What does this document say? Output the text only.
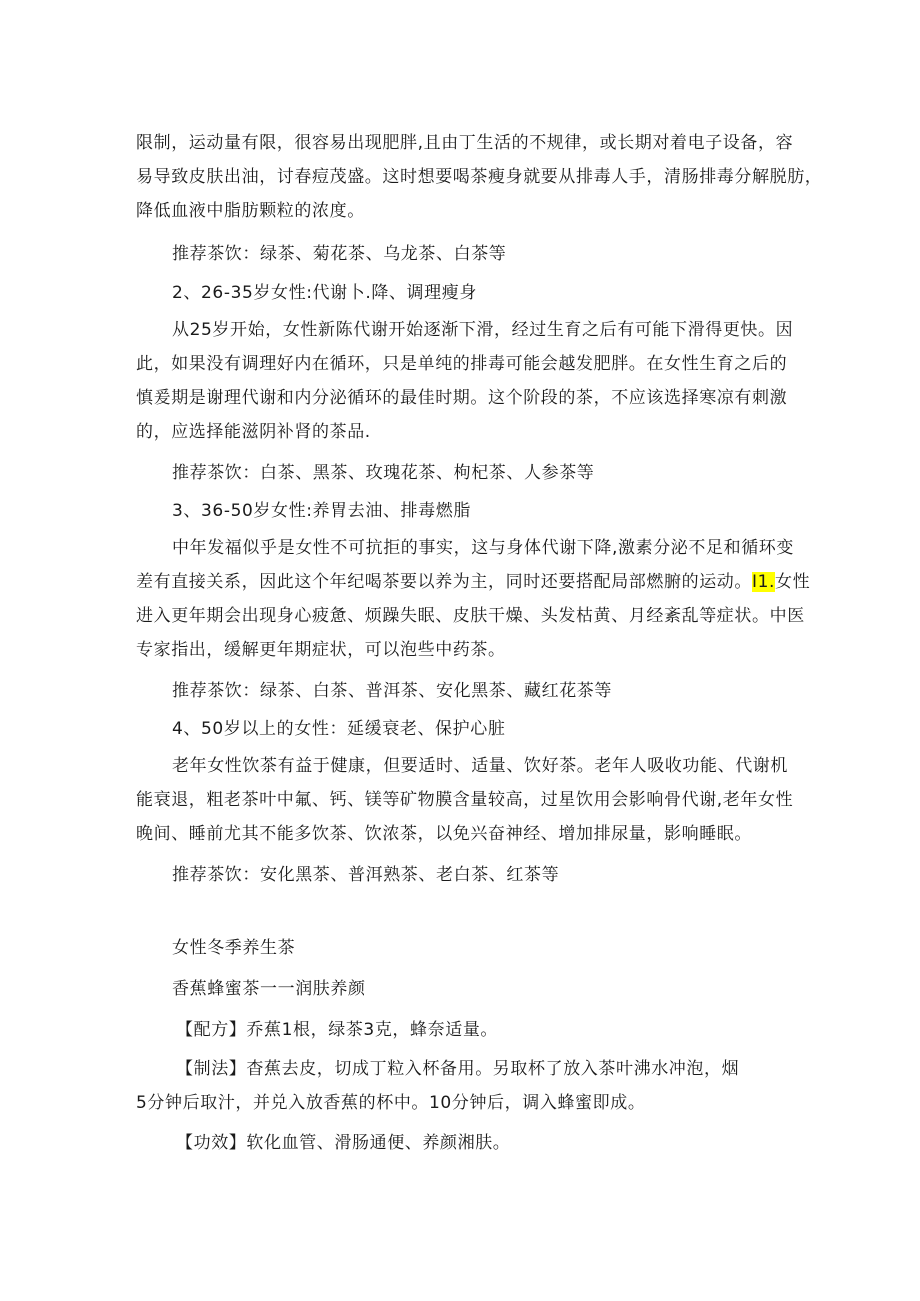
限制，运动量有限，很容易出现肥胖,且由丁生活的不规律，或长期对着电子设备，容
易导致皮肤出油，讨春痘茂盛。这时想要喝茶瘦身就要从排毒人手，清肠排毒分解脱肪，
降低血液中脂肪颗粒的浓度。

推荐茶饮：绿茶、菊花茶、乌龙茶、白茶等

2、26-35岁女性:代谢卜.降、调理瘦身

从25岁开始，女性新陈代谢开始逐渐下滑，经过生育之后有可能下滑得更快。因
此，如果没有调理好内在循环，只是单纯的排毒可能会越发肥胖。在女性生育之后的
慎爰期是谢理代谢和内分泌循环的最佳时期。这个阶段的茶，不应该选择寒凉有刺激
的，应选择能滋阴补肾的茶品.

推荐茶饮：白茶、黑茶、玫瑰花茶、枸杞茶、人参茶等

3、36-50岁女性:养胃去油、排毒燃脂

中年发福似乎是女性不可抗拒的事实，这与身体代谢下降,激素分泌不足和循环变
差有直接关系，因此这个年纪喝茶要以养为主，同时还要搭配局部燃腑的运动。I1.女性
进入更年期会出现身心疲惫、烦躁失眠、皮肤干燥、头发枯黄、月经紊乱等症状。中医
专家指出，缓解更年期症状，可以泡些中药茶。

推荐茶饮：绿茶、白茶、普洱茶、安化黑茶、藏红花茶等

4、50岁以上的女性：延缓衰老、保护心脏

老年女性饮茶有益于健康，但要适时、适量、饮好茶。老年人吸收功能、代谢机
能衰退，粗老茶叶中氟、钙、镁等矿物膜含量较高，过星饮用会影响骨代谢,老年女性
晚间、睡前尤其不能多饮茶、饮浓茶，以免兴奋神经、增加排尿量，影响睡眠。

推荐茶饮：安化黑茶、普洱熟茶、老白茶、红茶等

女性冬季养生茶

香蕉蜂蜜茶一一润肤养颜

【配方】乔蕉1根，绿茶3克，蜂奈适量。

【制法】杳蕉去皮，切成丁粒入杯备用。另取杯了放入茶叶沸水冲泡，烟
5分钟后取汁，并兑入放香蕉的杯中。10分钟后，调入蜂蜜即成。

【功效】软化血管、滑肠通便、养颜湘肤。
